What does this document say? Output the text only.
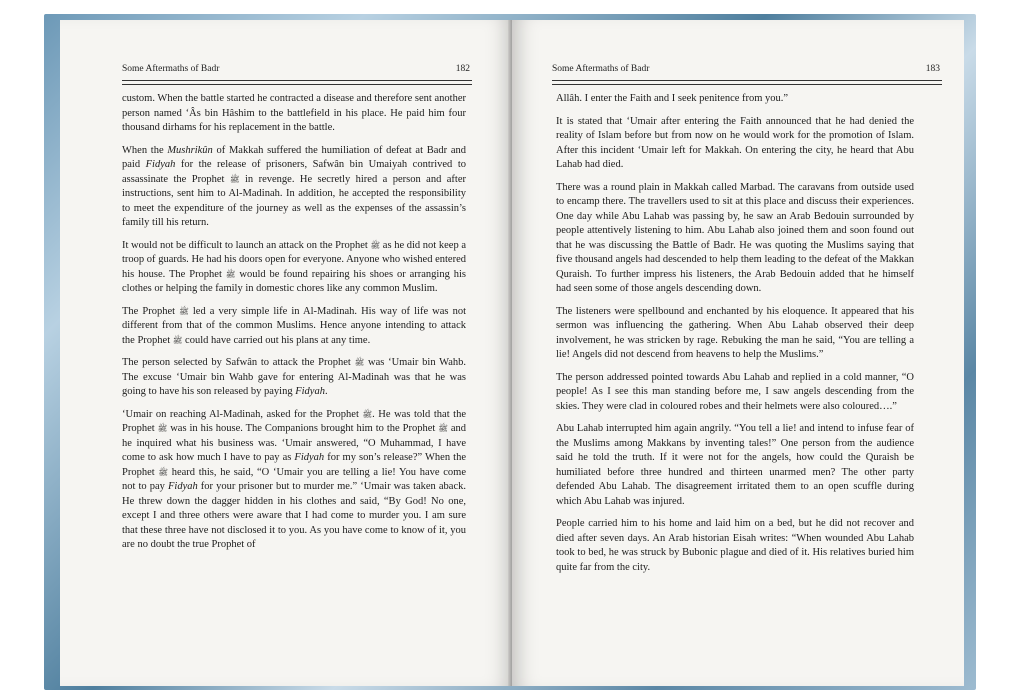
Some Aftermaths of Badr	182

custom. When the battle started he contracted a disease and therefore sent another person named ‘Âs bin Hâshim to the battlefield in his place. He paid him four thousand dirhams for his replacement in the battle.

When the Mushrikûn of Makkah suffered the humiliation of defeat at Badr and paid Fidyah for the release of prisoners, Safwân bin Umaiyah contrived to assassinate the Prophet ﷺ in revenge. He secretly hired a person and after instructions, sent him to Al-Madinah. In addition, he accepted the responsibility to meet the expenditure of the journey as well as the expenses of the assassin’s family till his return.

It would not be difficult to launch an attack on the Prophet ﷺ as he did not keep a troop of guards. He had his doors open for everyone. Anyone who wished entered his house. The Prophet ﷺ would be found repairing his shoes or arranging his clothes or helping the family in domestic chores like any common Muslim.

The Prophet ﷺ led a very simple life in Al-Madinah. His way of life was not different from that of the common Muslims. Hence anyone intending to attack the Prophet ﷺ could have carried out his plans at any time.

The person selected by Safwân to attack the Prophet ﷺ was ‘Umair bin Wahb. The excuse ‘Umair bin Wahb gave for entering Al-Madinah was that he was going to have his son released by paying Fidyah.

‘Umair on reaching Al-Madinah, asked for the Prophet ﷺ. He was told that the Prophet ﷺ was in his house. The Companions brought him to the Prophet ﷺ and he inquired what his business was. ‘Umair answered, “O Muhammad, I have come to ask how much I have to pay as Fidyah for my son’s release?” When the Prophet ﷺ heard this, he said, “O ‘Umair you are telling a lie! You have come not to pay Fidyah for your prisoner but to murder me.” ‘Umair was taken aback. He threw down the dagger hidden in his clothes and said, “By God! No one, except I and three others were aware that I had come to murder you. I am sure that these three have not disclosed it to you. As you have come to know of it, you are no doubt the true Prophet of

Some Aftermaths of Badr	183

Allâh. I enter the Faith and I seek penitence from you.”

It is stated that ‘Umair after entering the Faith announced that he had denied the reality of Islam before but from now on he would work for the promotion of Islam. After this incident ‘Umair left for Makkah. On entering the city, he heard that Abu Lahab had died.

There was a round plain in Makkah called Marbad. The caravans from outside used to encamp there. The travellers used to sit at this place and discuss their experiences. One day while Abu Lahab was passing by, he saw an Arab Bedouin surrounded by people attentively listening to him. Abu Lahab also joined them and soon found out that he was discussing the Battle of Badr. He was quoting the Muslims saying that five thousand angels had descended to help them leading to the defeat of the Makkan Quraish. To further impress his listeners, the Arab Bedouin added that he himself had seen some of those angels descending down.

The listeners were spellbound and enchanted by his eloquence. It appeared that his sermon was influencing the gathering. When Abu Lahab observed their deep involvement, he was stricken by rage. Rebuking the man he said, “You are telling a lie! Angels did not descend from heavens to help the Muslims.”

The person addressed pointed towards Abu Lahab and replied in a cold manner, “O people! As I see this man standing before me, I saw angels descending from the skies. They were clad in coloured robes and their helmets were also coloured….”

Abu Lahab interrupted him again angrily. “You tell a lie! and intend to infuse fear of the Muslims among Makkans by inventing tales!” One person from the audience said he told the truth. If it were not for the angels, how could the Quraish be humiliated before three hundred and thirteen unarmed men? The other party defended Abu Lahab. The disagreement irritated them to an open scuffle during which Abu Lahab was injured.

People carried him to his home and laid him on a bed, but he did not recover and died after seven days. An Arab historian Eisah writes: “When wounded Abu Lahab took to bed, he was struck by Bubonic plague and died of it. His relatives buried him quite far from the city.
